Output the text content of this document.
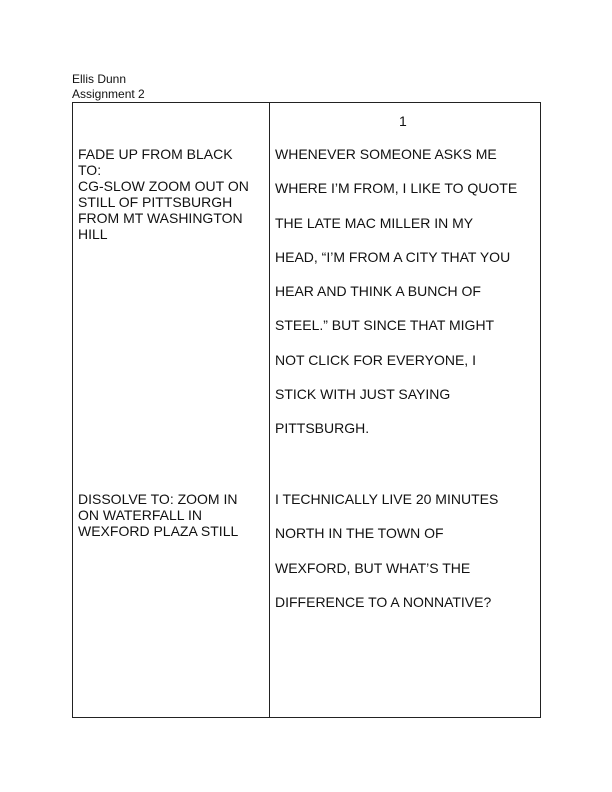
Ellis Dunn
Assignment 2
1
FADE UP FROM BLACK
TO:
CG-SLOW ZOOM OUT ON
STILL OF PITTSBURGH
FROM MT WASHINGTON
HILL
WHENEVER SOMEONE ASKS ME
WHERE I’M FROM, I LIKE TO QUOTE
THE LATE MAC MILLER IN MY
HEAD, “I’M FROM A CITY THAT YOU
HEAR AND THINK A BUNCH OF
STEEL.” BUT SINCE THAT MIGHT
NOT CLICK FOR EVERYONE, I
STICK WITH JUST SAYING
PITTSBURGH.
DISSOLVE TO: ZOOM IN
ON WATERFALL IN
WEXFORD PLAZA STILL
I TECHNICALLY LIVE 20 MINUTES
NORTH IN THE TOWN OF
WEXFORD, BUT WHAT’S THE
DIFFERENCE TO A NONNATIVE?
